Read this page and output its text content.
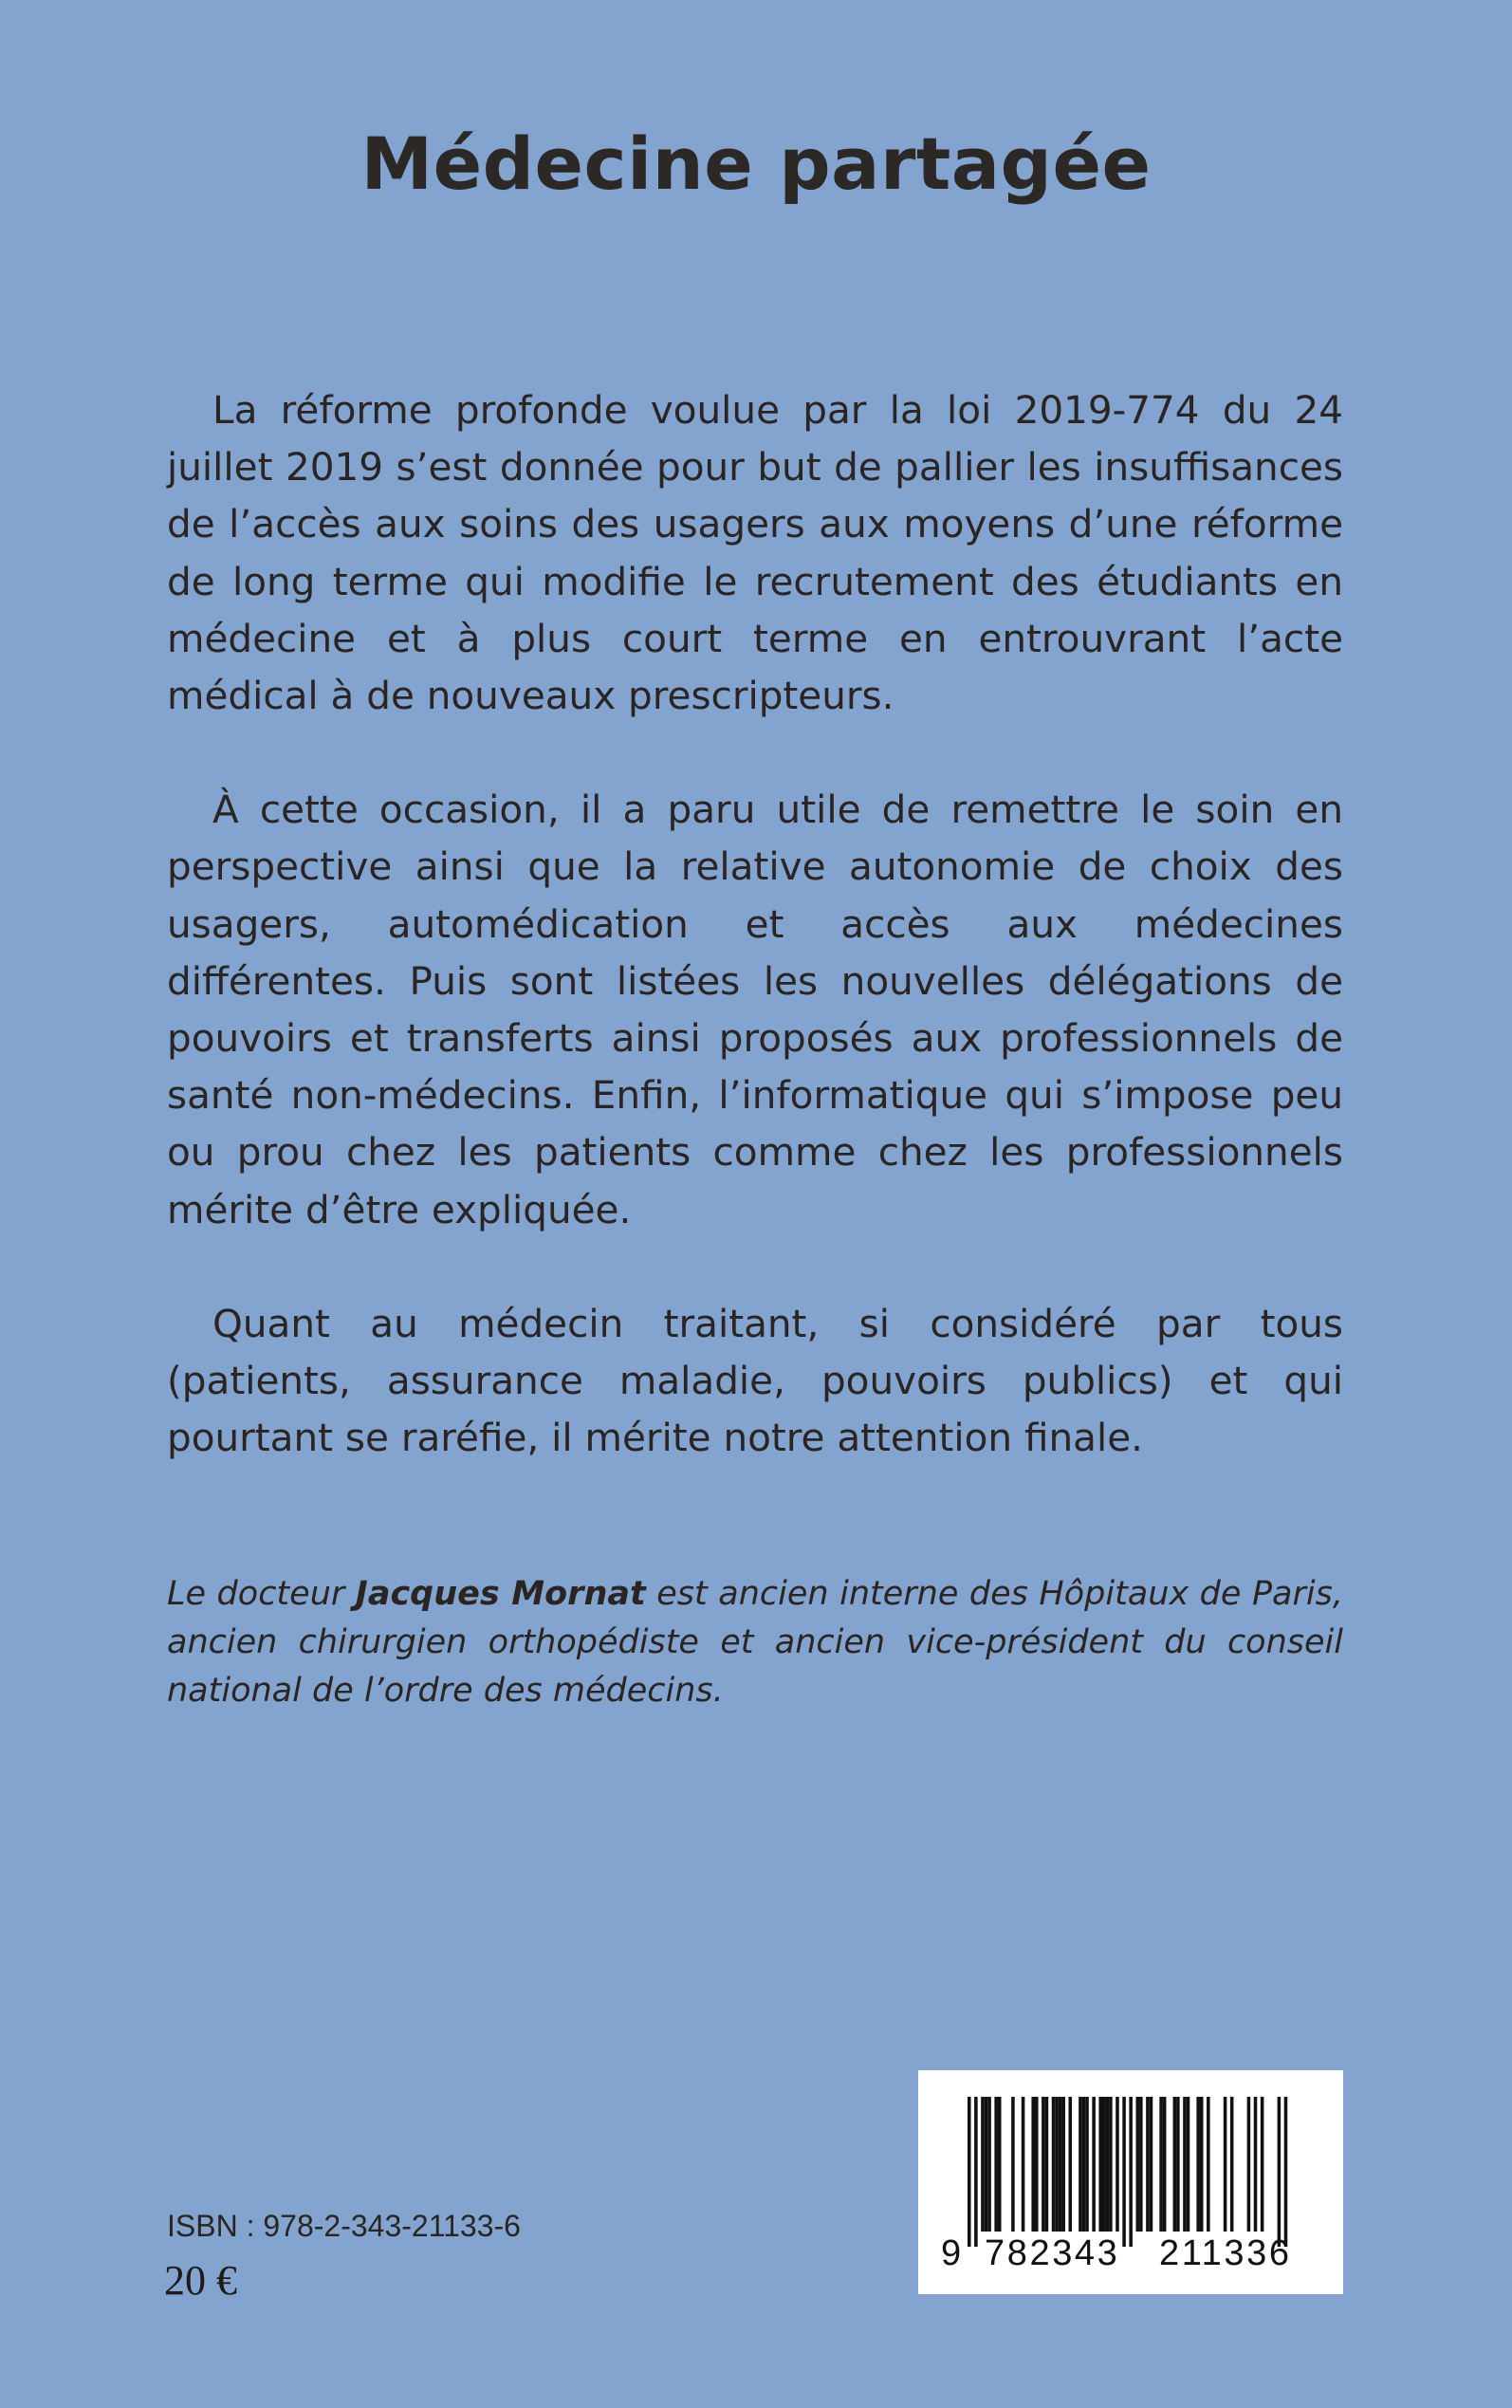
Médecine partagée

La réforme profonde voulue par la loi 2019-774 du 24 juillet 2019 s’est donnée pour but de pallier les insuffisances de l’accès aux soins des usagers aux moyens d’une réforme de long terme qui modifie le recrutement des étudiants en médecine et à plus court terme en entrouvrant l’acte médical à de nouveaux prescripteurs.

À cette occasion, il a paru utile de remettre le soin en perspective ainsi que la relative autonomie de choix des usagers, automédication et accès aux médecines différentes. Puis sont listées les nouvelles délégations de pouvoirs et transferts ainsi proposés aux professionnels de santé non-médecins. Enfin, l’informatique qui s’impose peu ou prou chez les patients comme chez les professionnels mérite d’être expliquée.

Quant au médecin traitant, si considéré par tous (patients, assurance maladie, pouvoirs publics) et qui pourtant se raréfie, il mérite notre attention finale.

Le docteur Jacques Mornat est ancien interne des Hôpitaux de Paris, ancien chirurgien orthopédiste et ancien vice-président du conseil national de l’ordre des médecins.

ISBN : 978-2-343-21133-6
20 €
9 782343 211336
